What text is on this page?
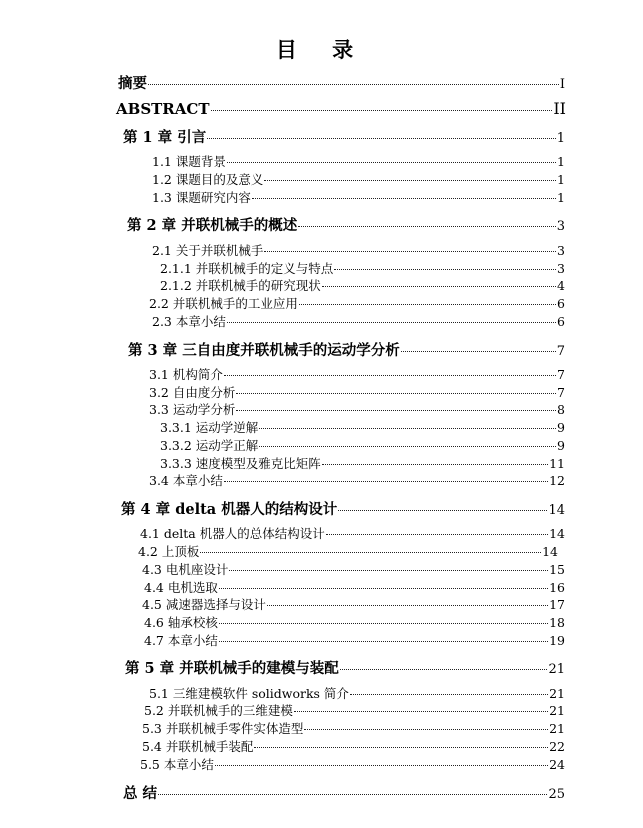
目 录
摘要	I
ABSTRACT	II
第 1 章 引言	1
1.1 课题背景	1
1.2 课题目的及意义	1
1.3 课题研究内容	1
第 2 章 并联机械手的概述	3
2.1 关于并联机械手	3
2.1.1 并联机械手的定义与特点	3
2.1.2 并联机械手的研究现状	4
2.2 并联机械手的工业应用	6
2.3 本章小结	6
第 3 章 三自由度并联机械手的运动学分析	7
3.1 机构简介	7
3.2 自由度分析	7
3.3 运动学分析	8
3.3.1 运动学逆解	9
3.3.2 运动学正解	9
3.3.3 速度模型及雅克比矩阵	11
3.4 本章小结	12
第 4 章 delta 机器人的结构设计	14
4.1 delta 机器人的总体结构设计	14
4.2 上顶板	14
4.3 电机座设计	15
4.4 电机选取	16
4.5 减速器选择与设计	17
4.6 轴承校核	18
4.7 本章小结	19
第 5 章 并联机械手的建模与装配	21
5.1 三维建模软件 solidworks 简介	21
5.2 并联机械手的三维建模	21
5.3 并联机械手零件实体造型	21
5.4 并联机械手装配	22
5.5 本章小结	24
总 结	25
